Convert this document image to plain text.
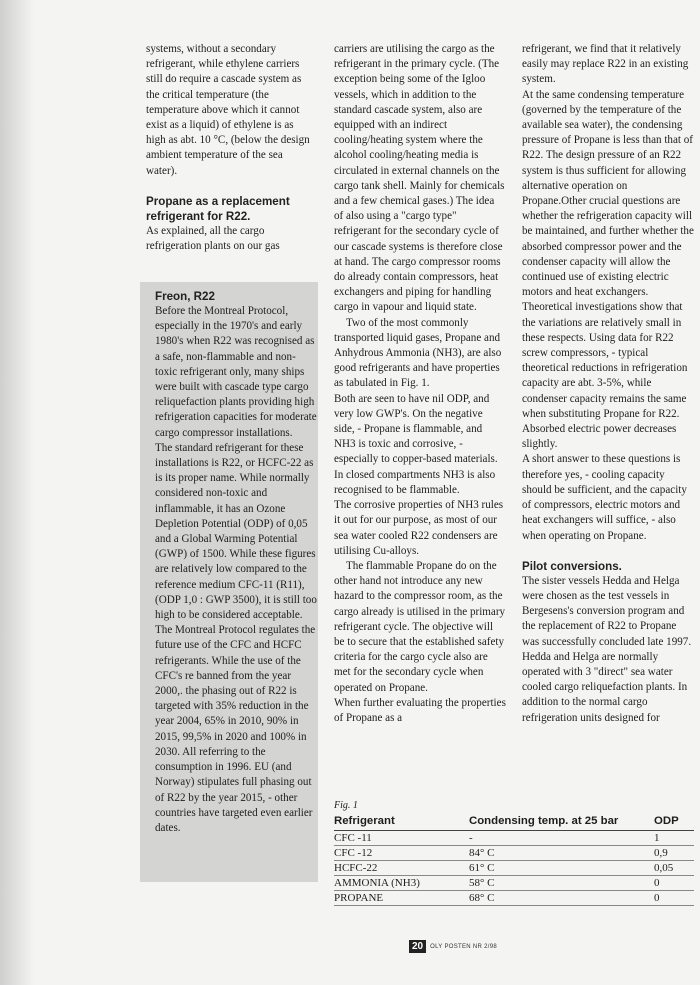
systems, without a secondary refrigerant, while ethylene carriers still do require a cascade system as the critical temperature (the temperature above which it cannot exist as a liquid) of ethylene is as high as abt. 10 °C, (below the design ambient temperature of the sea water).

Propane as a replacement refrigerant for R22.

As explained, all the cargo refrigeration plants on our gas

Freon, R22

Before the Montreal Protocol, especially in the 1970's and early 1980's when R22 was recognised as a safe, non-flammable and non-toxic refrigerant only, many ships were built with cascade type cargo reliquefaction plants providing high refrigeration capacities for moderate cargo compressor installations.

The standard refrigerant for these installations is R22, or HCFC-22 as is its proper name. While normally considered non-toxic and inflammable, it has an Ozone Depletion Potential (ODP) of 0,05 and a Global Warming Potential (GWP) of 1500. While these figures are relatively low compared to the reference medium CFC-11 (R11), (ODP 1,0 : GWP 3500), it is still too high to be considered acceptable.

The Montreal Protocol regulates the future use of the CFC and HCFC refrigerants. While the use of the CFC's re banned from the year 2000,. the phasing out of R22 is targeted with 35% reduction in the year 2004, 65% in 2010, 90% in 2015, 99,5% in 2020 and 100% in 2030. All referring to the consumption in 1996. EU (and Norway) stipulates full phasing out of R22 by the year 2015, - other countries have targeted even earlier dates.

carriers are utilising the cargo as the refrigerant in the primary cycle. (The exception being some of the Igloo vessels, which in addition to the standard cascade system, also are equipped with an indirect cooling/heating system where the alcohol cooling/heating media is circulated in external channels on the cargo tank shell. Mainly for chemicals and a few chemical gases.) The idea of also using a "cargo type" refrigerant for the secondary cycle of our cascade systems is therefore close at hand. The cargo compressor rooms do already contain compressors, heat exchangers and piping for handling cargo in vapour and liquid state.

Two of the most commonly transported liquid gases, Propane and Anhydrous Ammonia (NH3), are also good refrigerants and have properties as tabulated in Fig. 1.

Both are seen to have nil ODP, and very low GWP's. On the negative side, - Propane is flammable, and NH3 is toxic and corrosive, - especially to copper-based materials. In closed compartments NH3 is also recognised to be flammable.

The corrosive properties of NH3 rules it out for our purpose, as most of our sea water cooled R22 condensers are utilising Cu-alloys.

The flammable Propane do on the other hand not introduce any new hazard to the compressor room, as the cargo already is utilised in the primary refrigerant cycle. The objective will be to secure that the established safety criteria for the cargo cycle also are met for the secondary cycle when operated on Propane.

When further evaluating the properties of Propane as a

refrigerant, we find that it relatively easily may replace R22 in an existing system.

At the same condensing temperature (governed by the temperature of the available sea water), the condensing pressure of Propane is less than that of R22. The design pressure of an R22 system is thus sufficient for allowing alternative operation on Propane.Other crucial questions are whether the refrigeration capacity will be maintained, and further whether the absorbed compressor power and the condenser capacity will allow the continued use of existing electric motors and heat exchangers.

Theoretical investigations show that the variations are relatively small in these respects. Using data for R22 screw compressors, - typical theoretical reductions in refrigeration capacity are abt. 3-5%, while condenser capacity remains the same when substituting Propane for R22. Absorbed electric power decreases slightly.

A short answer to these questions is therefore yes, - cooling capacity should be sufficient, and the capacity of compressors, electric motors and heat exchangers will suffice, - also when operating on Propane.

Pilot conversions.

The sister vessels Hedda and Helga were chosen as the test vessels in Bergesens's conversion program and the replacement of R22 to Propane was successfully concluded late 1997.

Hedda and Helga are normally operated with 3 "direct" sea water cooled cargo reliquefaction plants. In addition to the normal cargo refrigeration units designed for

Fig. 1
Refrigerant	Condensing temp. at 25 bar	ODP
CFC -11	-	1
CFC -12	84° C	0,9
HCFC-22	61° C	0,05
AMMONIA (NH3)	58° C	0
PROPANE	68° C	0
20	OLY POSTEN NR 2/98
